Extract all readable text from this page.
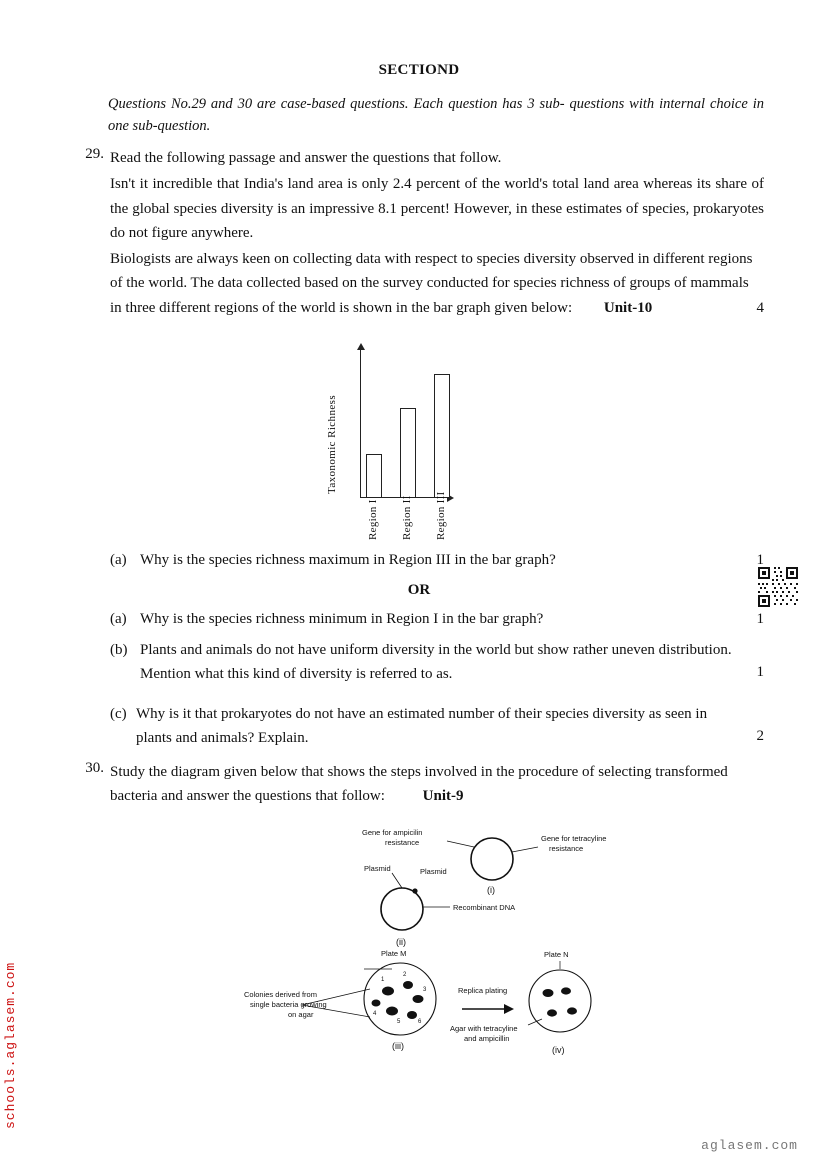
SECTIOND
Questions No.29 and 30 are case-based questions. Each question has 3 sub- questions with internal choice in one sub-question.
29. Read the following passage and answer the questions that follow.
Isn't it incredible that India's land area is only 2.4 percent of the world's total land area whereas its share of the global species diversity is an impressive 8.1 percent! However, in these estimates of species, prokaryotes do not figure anywhere.
Biologists are always keen on collecting data with respect to species diversity observed in different regions of the world. The data collected based on the survey conducted for species richness of groups of mammals in three different regions of the world is shown in the bar graph given below: Unit-10	4
Taxonomic Richness
Region I Region II Region III
(a) Why is the species richness maximum in Region III in the bar graph?	1
OR
(a) Why is the species richness minimum in Region I in the bar graph?	1
(b) Plants and animals do not have uniform diversity in the world but show rather uneven distribution. Mention what this kind of diversity is referred to as.	1
(c) Why is it that prokaryotes do not have an estimated number of their species diversity as seen in plants and animals? Explain.	2
30. Study the diagram given below that shows the steps involved in the procedure of selecting transformed bacteria and answer the questions that follow:	Unit-9
Gene for ampicilin
resistance	Gene for tetracyline
resistance
(i)
Plasmid	Plasmid
Recombinant DNA
(ii)
1
2
3
4
5	6
Plate M
Colonies derived from
single bacteria growing
on agar
(iii)
Replica plating
Plate N
Agar with tetracyline
and ampicillin
(iv)
schools.aglasem.com
aglasem.com
